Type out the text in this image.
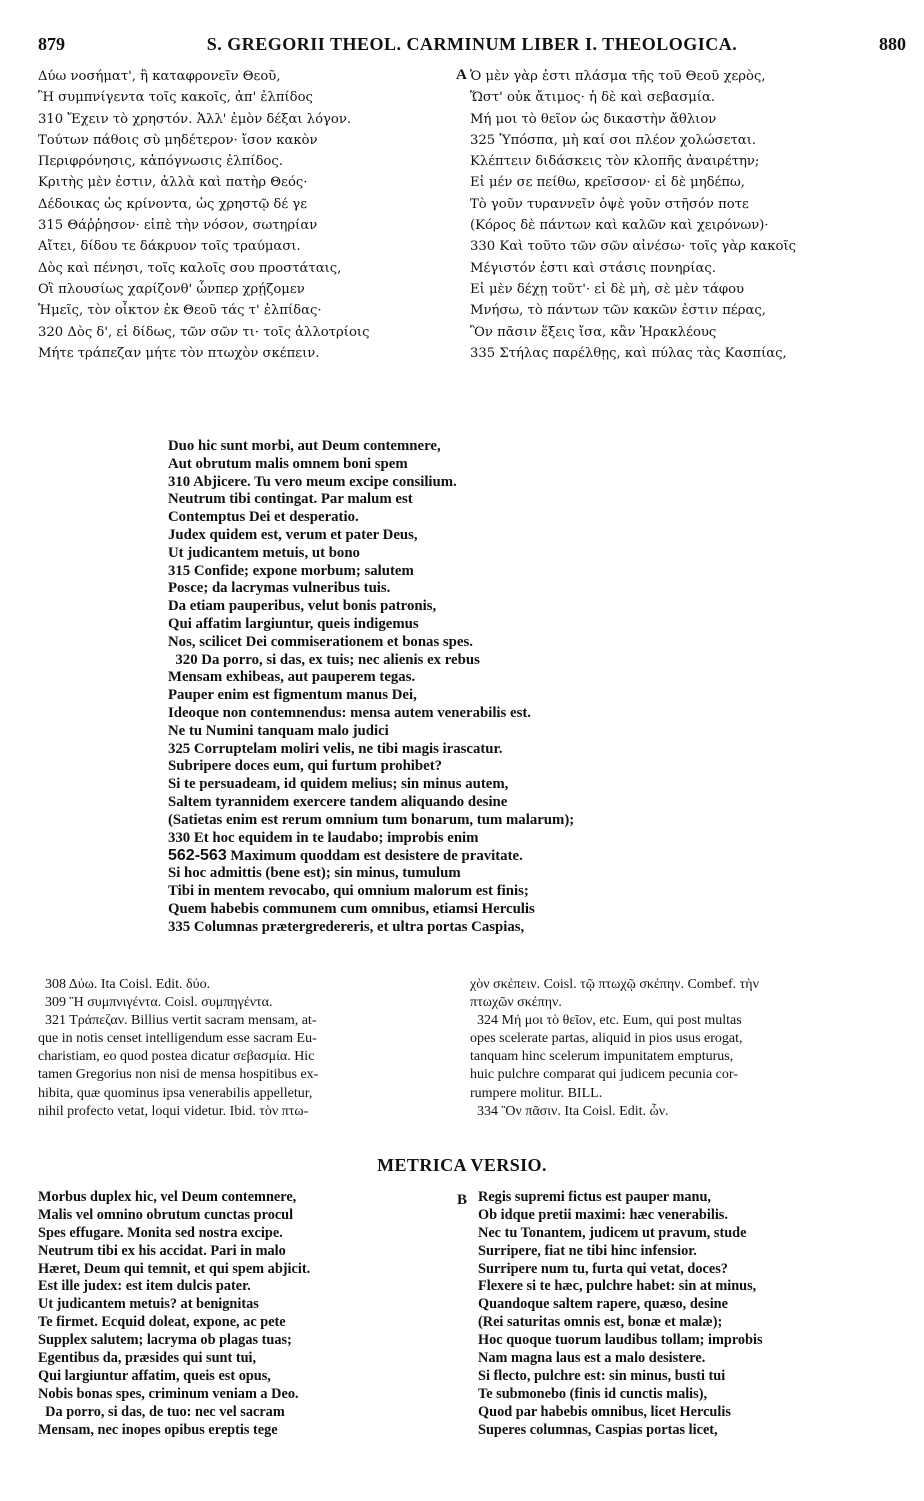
879	S. GREGORII THEOL. CARMINUM LIBER I. THEOLOGICA.	880
Δύω νοσήματ', ἢ καταφρονεῖν Θεοῦ,
Ἢ συμπνίγεντα τοῖς κακοῖς, ἀπ' ἐλπίδος
310 Ἔχειν τὸ χρηστόν. Ἀλλ' ἐμὸν δέξαι λόγον.
Τούτων πάθοις σὺ μηδέτερον· ἴσον κακὸν
Περιφρόνησις, κἀπόγνωσις ἐλπίδος.
Κριτὴς μὲν ἐστιν, ἀλλὰ καὶ πατὴρ Θεός·
Δέδοικας ὡς κρίνοντα, ὡς χρηστῷ δέ γε
315 Θάῤῥησον· εἰπὲ τὴν νόσον, σωτηρίαν
Αἴτει, δίδου τε δάκρυον τοῖς τραύμασι.
Δὸς καὶ πένησι, τοῖς καλοῖς σου προστάταις,
Οἳ πλουσίως χαρίζονθ' ὧνπερ χρῄζομεν
Ἡμεῖς, τὸν οἶκτον ἐκ Θεοῦ τάς τ' ἐλπίδας·
320 Δὸς δ', εἰ δίδως, τῶν σῶν τι· τοῖς ἀλλοτρίοις
Μήτε τράπεζαν μήτε τὸν πτωχὸν σκέπειν.
A Ὁ μὲν γὰρ ἐστι πλάσμα τῆς τοῦ Θεοῦ χερὸς,
Ὥστ' οὐκ ἄτιμος· ἡ δὲ καὶ σεβασμία.
Μή μοι τὸ θεῖον ὡς δικαστὴν ἄθλιον
325 Ὑπόσπα, μὴ καί σοι πλέον χολώσεται.
Κλέπτειν διδάσκεις τὸν κλοπῆς ἀναιρέτην;
Εἰ μέν σε πείθω, κρεῖσσον· εἰ δὲ μηδέπω,
Τὸ γοῦν τυραννεῖν ὀψὲ γοῦν στῆσόν ποτε
(Κόρος δὲ πάντων καὶ καλῶν καὶ χειρόνων)·
330 Καὶ τοῦτο τῶν σῶν αἰνέσω· τοῖς γὰρ κακοῖς
Μέγιστόν ἐστι καὶ στάσις πονηρίας.
Εἰ μὲν δέχῃ τοῦτ'· εἰ δὲ μὴ, σὲ μὲν τάφου
Μνήσω, τὸ πάντων τῶν κακῶν ἐστιν πέρας,
Ὃν πᾶσιν ἕξεις ἴσα, κἂν Ἡρακλέους
335 Στήλας παρέλθῃς, καὶ πύλας τὰς Κασπίας,
Duo hic sunt morbi, aut Deum contemnere,
Aut obrutum malis omnem boni spem
310 Abjicere. Tu vero meum excipe consilium.
Neutrum tibi contingat. Par malum est
Contemptus Dei et desperatio.
Judex quidem est, verum et pater Deus,
Ut judicantem metuis, ut bono
315 Confide; expone morbum; salutem
Posce; da lacrymas vulneribus tuis.
Da etiam pauperibus, velut bonis patronis,
Qui affatim largiuntur, queis indigemus
Nos, scilicet Dei commiserationem et bonas spes.
320 Da porro, si das, ex tuis; nec alienis ex rebus
Mensam exhibeas, aut pauperem tegas.
Pauper enim est figmentum manus Dei,
Ideoque non contemnendus: mensa autem venerabilis est.
Ne tu Numini tanquam malo judici
325 Corruptelam moliri velis, ne tibi magis irascatur.
Subripere doces eum, qui furtum prohibet?
Si te persuadeam, id quidem melius; sin minus autem,
Saltem tyrannidem exercere tandem aliquando desine
(Satietas enim est rerum omnium tum bonarum, tum malarum);
330 Et hoc equidem in te laudabo; improbis enim
562-563 Maximum quoddam est desistere de pravitate.
Si hoc admittis (bene est); sin minus, tumulum
Tibi in mentem revocabo, qui omnium malorum est finis;
Quem habebis communem cum omnibus, etiamsi Herculis
335 Columnas prætergredereris, et ultra portas Caspias,
308 Δύω. Ita Coisl. Edit. δύο.
309 Ἢ συμπνιγέντα. Coisl. συμπηγέντα.
321 Τράπεζαν. Billius vertit sacram mensam, at-
que in notis censet intelligendum esse sacram Eu-
charistiam, eo quod postea dicatur σεβασμία. Hic
tamen Gregorius non nisi de mensa hospitibus ex-
hibita, quæ quominus ipsa venerabilis appelletur,
nihil profecto vetat, loqui videtur. Ibid. τὸν πτω-
χὸν σκέπειν. Coisl. τῷ πτωχῷ σκέπην. Combef. τὴν
πτωχῶν σκέπην.
324 Μή μοι τὸ θεῖον, etc. Eum, qui post multas
opes scelerate partas, aliquid in pios usus erogat,
tanquam hinc scelerum impunitatem empturus,
huic pulchre comparat qui judicem pecunia cor-
rumpere molitur. BILL.
334 Ὃν πᾶσιν. Ita Coisl. Edit. ὧν.
METRICA VERSIO.
Morbus duplex hic, vel Deum contemnere,
Malis vel omnino obrutum cunctas procul
Spes effugare. Monita sed nostra excipe.
Neutrum tibi ex his accidat. Pari in malo
Hæret, Deum qui temnit, et qui spem abjicit.
Est ille judex: est item dulcis pater.
Ut judicantem metuis? at benignitas
Te firmet. Ecquid doleat, expone, ac pete
Supplex salutem; lacryma ob plagas tuas;
Egentibus da, præsides qui sunt tui,
Qui largiuntur affatim, queis est opus,
Nobis bonas spes, criminum veniam a Deo.
Da porro, si das, de tuo: nec vel sacram
Mensam, nec inopes opibus ereptis tege
B Regis supremi fictus est pauper manu,
Ob idque pretii maximi: hæc venerabilis.
Nec tu Tonantem, judicem ut pravum, stude
Surripere, fiat ne tibi hinc infensior.
Surripere num tu, furta qui vetat, doces?
Flexere si te hæc, pulchre habet: sin at minus,
Quandoque saltem rapere, quæso, desine
(Rei saturitas omnis est, bonæ et malæ);
Hoc quoque tuorum laudibus tollam; improbis
Nam magna laus est a malo desistere.
Si flecto, pulchre est: sin minus, busti tui
Te submonebo (finis id cunctis malis),
Quod par habebis omnibus, licet Herculis
Superes columnas, Caspias portas licet,
